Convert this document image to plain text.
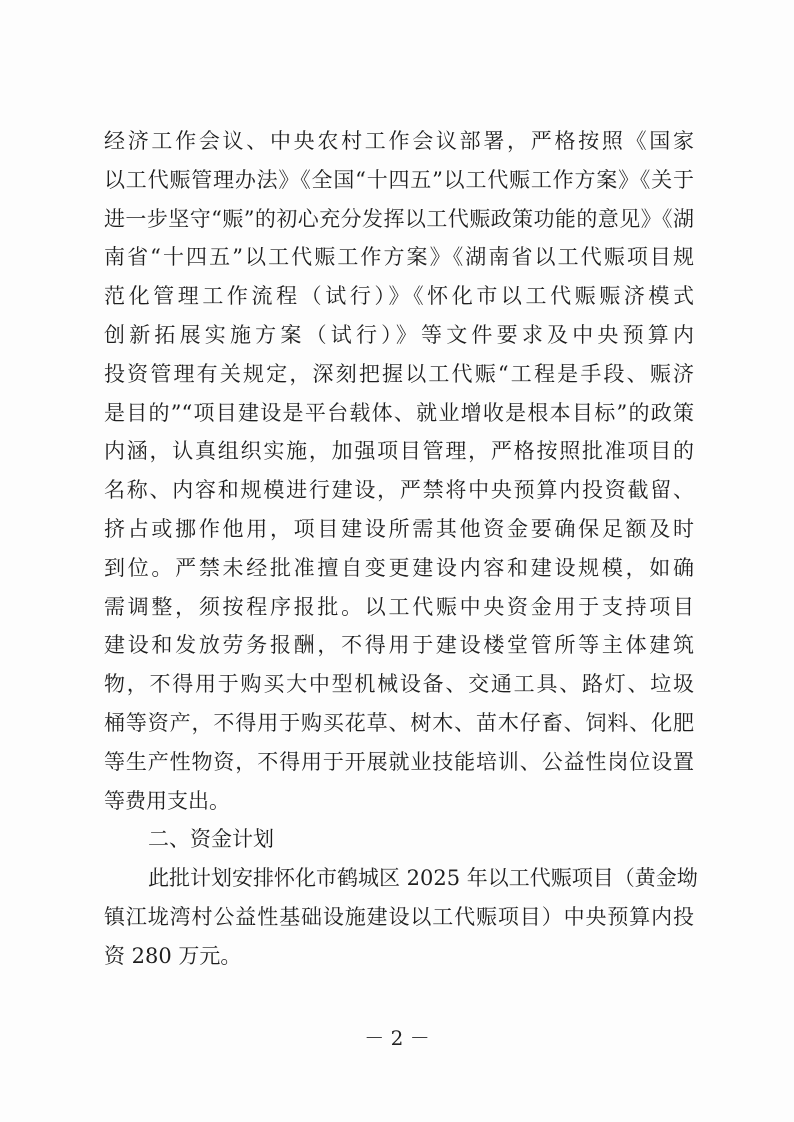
经济工作会议、中央农村工作会议部署，严格按照《国家
以工代赈管理办法》《全国“十四五”以工代赈工作方案》《关于
进一步坚守“赈”的初心充分发挥以工代赈政策功能的意见》《湖
南省“十四五”以工代赈工作方案》《湖南省以工代赈项目规
范化管理工作流程（试行）》《怀化市以工代赈赈济模式
创新拓展实施方案（试行）》等文件要求及中央预算内
投资管理有关规定，深刻把握以工代赈“工程是手段、赈济
是目的”“项目建设是平台载体、就业增收是根本目标”的政策
内涵，认真组织实施，加强项目管理，严格按照批准项目的
名称、内容和规模进行建设，严禁将中央预算内投资截留、
挤占或挪作他用，项目建设所需其他资金要确保足额及时
到位。严禁未经批准擅自变更建设内容和建设规模，如确
需调整，须按程序报批。以工代赈中央资金用于支持项目
建设和发放劳务报酬，不得用于建设楼堂管所等主体建筑
物，不得用于购买大中型机械设备、交通工具、路灯、垃圾
桶等资产，不得用于购买花草、树木、苗木仔畜、饲料、化肥
等生产性物资，不得用于开展就业技能培训、公益性岗位设置
等费用支出。
二、资金计划
此批计划安排怀化市鹤城区 2025 年以工代赈项目（黄金坳
镇江垅湾村公益性基础设施建设以工代赈项目）中央预算内投
资 280 万元。
－ 2 －
